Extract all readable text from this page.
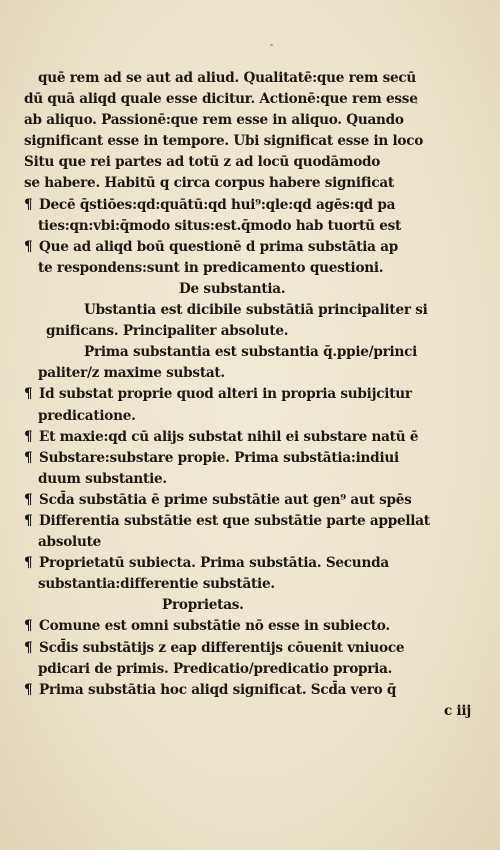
quē rem ad se aut ad aliud. Qualitatē:que rem secū
dū quā aliqd quale esse dicitur. Actionē:que rem esse
ab aliquo. Passionē:que rem esse in aliquo. Quando
significant esse in tempore. Ubi significat esse in loco
Situ que rei partes ad totū z ad locū quodāmodo
se habere. Habitū q circa corpus habere significat
¶ Decē q̄stiōes:qd:quātū:qd hui⁹:qle:qd agēs:qd pa
ties:qn:vbi:q̄modo situs:est.q̄modo hab tuortū est
¶ Que ad aliqd boū questionē d prima substātia ap
te respondens:sunt in predicamento questioni.
De substantia.
Ubstantia est dicibile substātiā principaliter si
gnificans. Principaliter absolute.
Prima substantia est substantia q̄.ppie/princi
paliter/z maxime substat.
¶ Id substat proprie quod alteri in propria subijcitur
predicatione.
¶ Et maxie:qd cū alijs substat nihil ei substare natū ē
¶ Substare:substare propie. Prima substātia:indiui
duum substantie.
¶ Scd̄a substātia ē prime substātie aut gen⁹ aut spēs
¶ Differentia substātie est que substātie parte appellat
absolute
¶ Proprietatū subiecta. Prima substātia. Secunda
substantia:differentie substātie.
Proprietas.
¶ Comune est omni substātie nō esse in subiecto.
¶ Scd̄is substātijs z eap differentijs cōuenit vniuoce
pdicari de primis. Predicatio/predicatio propria.
¶ Prima substātia hoc aliqd significat. Scd̄a vero q̄
c iij
